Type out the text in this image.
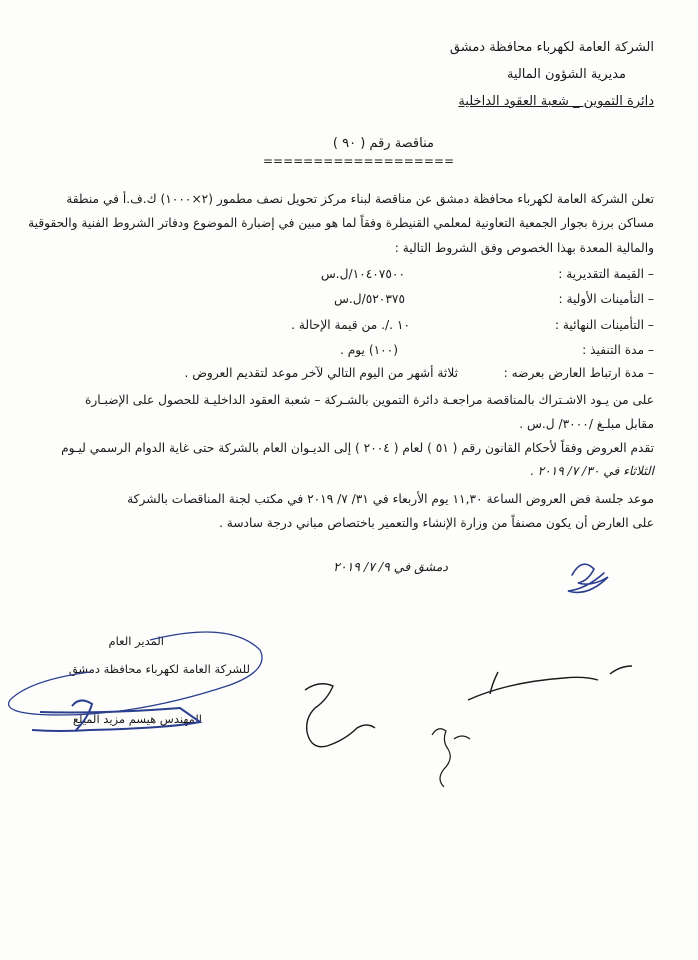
الشركة العامة لكهرباء محافظة دمشق
مديرية الشؤون المالية
دائرة التموين _ شعبة العقود الداخلية
مناقصة رقم ( ٩٠ )
===================
تعلن الشركة العامة لكهرباء محافظة دمشق عن مناقصة لبناء مركز تحويل نصف مطمور (٢×١٠٠٠) ك.ف.أ في منطقة
مساكن برزة بجوار الجمعية التعاونية لمعلمي القنيطرة وفقاً لما هو مبين في إضبارة الموضوع ودفاتر الشروط الفنية والحقوقية
والمالية المعدة بهذا الخصوص وفق الشروط التالية :
– القيمة التقديرية :
١٠٤٠٧٥٠٠/ل.س
– التأمينات الأولية :
٥٢٠٣٧٥/ل.س
– التأمينات النهائية :
١٠ ./. من قيمة الإحالة .
– مدة التنفيذ :
(١٠٠) يوم .
– مدة ارتباط العارض بعرضه :
ثلاثة أشهر من اليوم التالي لآخر موعد لتقديم العروض .
على من يـود الاشـتراك بالمناقصة مراجعـة دائرة التموين بالشـركة – شعبة العقود الداخليـة للحصول على الإضبـارة
مقابل مبلـغ /٣٠٠٠/ ل.س .
تقدم العروض وفقاً لأحكام القانون رقم ( ٥١ ) لعام ( ٢٠٠٤ ) إلى الديـوان العام بالشركة حتى غاية الدوام الرسمي ليـوم
الثلاثاء في ٣٠/ ٧/ ٢٠١٩ .
موعد جلسة فض العروض الساعة ١١,٣٠ يوم الأربعاء في ٣١/ ٧/ ٢٠١٩ في مكتب لجنة المناقصات بالشركة
على العارض أن يكون مصنفاً من وزارة الإنشاء والتعمير باختصاص مباني درجة سادسة .
دمشق في ٩/ ٧/ ٢٠١٩
المدير العام
للشركة العامة لكهرباء محافظة دمشق
المهندس هيسم مزيد الميلع
